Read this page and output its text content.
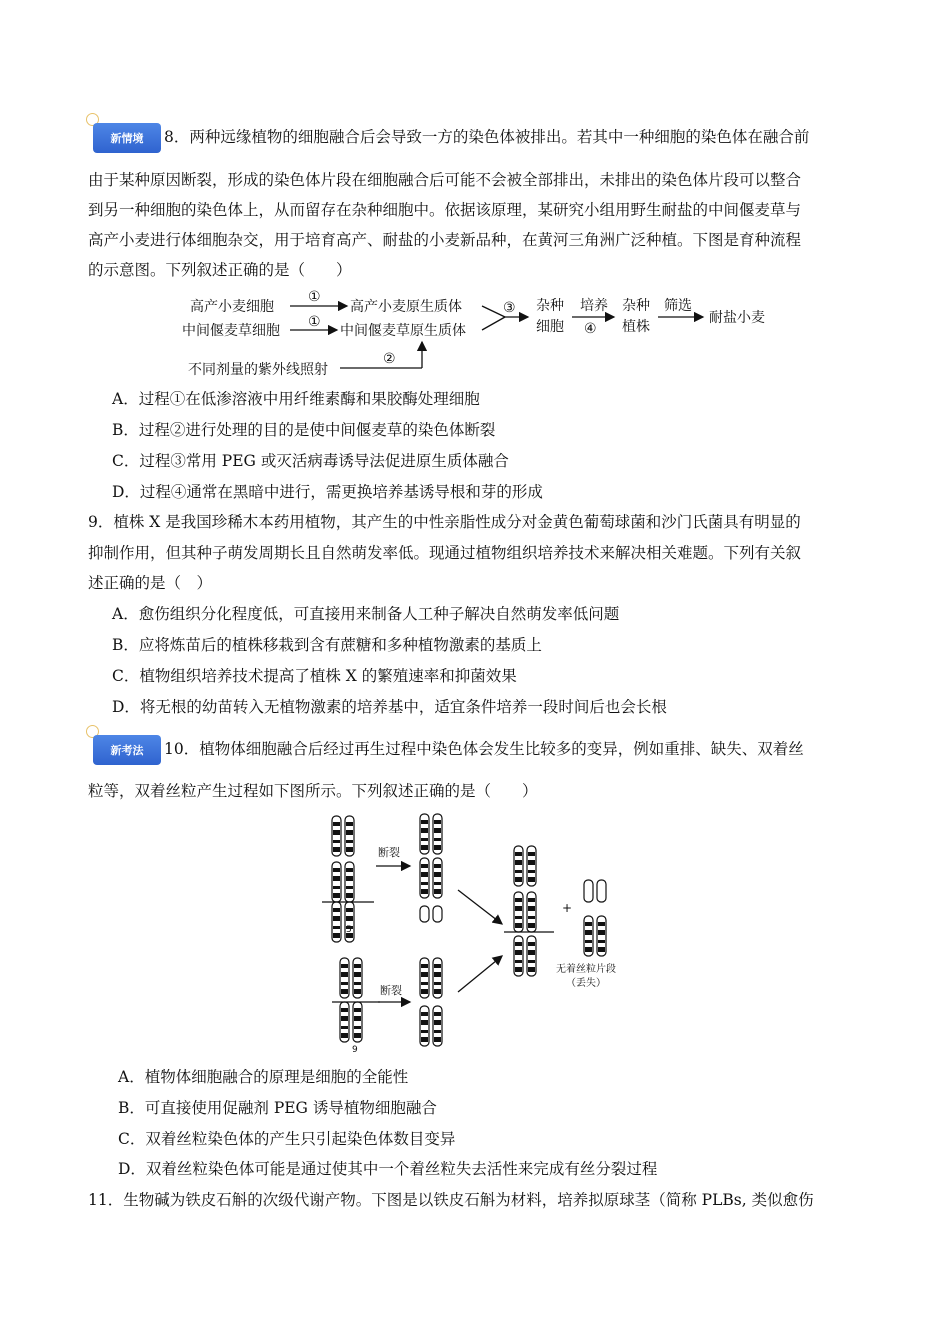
新情境	8．两种远缘植物的细胞融合后会导致一方的染色体被排出。若其中一种细胞的染色体在融合前
由于某种原因断裂，形成的染色体片段在细胞融合后可能不会被全部排出，未排出的染色体片段可以整合
到另一种细胞的染色体上，从而留存在杂种细胞中。依据该原理，某研究小组用野生耐盐的中间偃麦草与
高产小麦进行体细胞杂交，用于培育高产、耐盐的小麦新品种，在黄河三角洲广泛种植。下图是育种流程
的示意图。下列叙述正确的是（　　）
高产小麦细胞
中间偃麦草细胞
①
①
高产小麦原生质体
中间偃麦草原生质体
③ 杂种
细胞
培养
④
杂种
植株
筛选
耐盐小麦
不同剂量的紫外线照射
②
A．过程①在低渗溶液中用纤维素酶和果胶酶处理细胞
B．过程②进行处理的目的是使中间偃麦草的染色体断裂
C．过程③常用 PEG 或灭活病毒诱导法促进原生质体融合
D．过程④通常在黑暗中进行，需更换培养基诱导根和芽的形成
9．植株 X 是我国珍稀木本药用植物，其产生的中性亲脂性成分对金黄色葡萄球菌和沙门氏菌具有明显的
抑制作用，但其种子萌发周期长且自然萌发率低。现通过植物组织培养技术来解决相关难题。下列有关叙
述正确的是（　）
A．愈伤组织分化程度低，可直接用来制备人工种子解决自然萌发率低问题
B．应将炼苗后的植株移栽到含有蔗糖和多种植物激素的基质上
C．植物组织培养技术提高了植株 X 的繁殖速率和抑菌效果
D．将无根的幼苗转入无植物激素的培养基中，适宜条件培养一段时间后也会长根
新考法	10．植物体细胞融合后经过再生过程中染色体会发生比较多的变异，例如重排、缺失、双着丝
粒等，双着丝粒产生过程如下图所示。下列叙述正确的是（　　）
5
断裂
9
断裂
+
无着丝粒片段
（丢失）
A．植物体细胞融合的原理是细胞的全能性
B．可直接使用促融剂 PEG 诱导植物细胞融合
C．双着丝粒染色体的产生只引起染色体数目变异
D．双着丝粒染色体可能是通过使其中一个着丝粒失去活性来完成有丝分裂过程
11．生物碱为铁皮石斛的次级代谢产物。下图是以铁皮石斛为材料，培养拟原球茎（简称 PLBs, 类似愈伤
